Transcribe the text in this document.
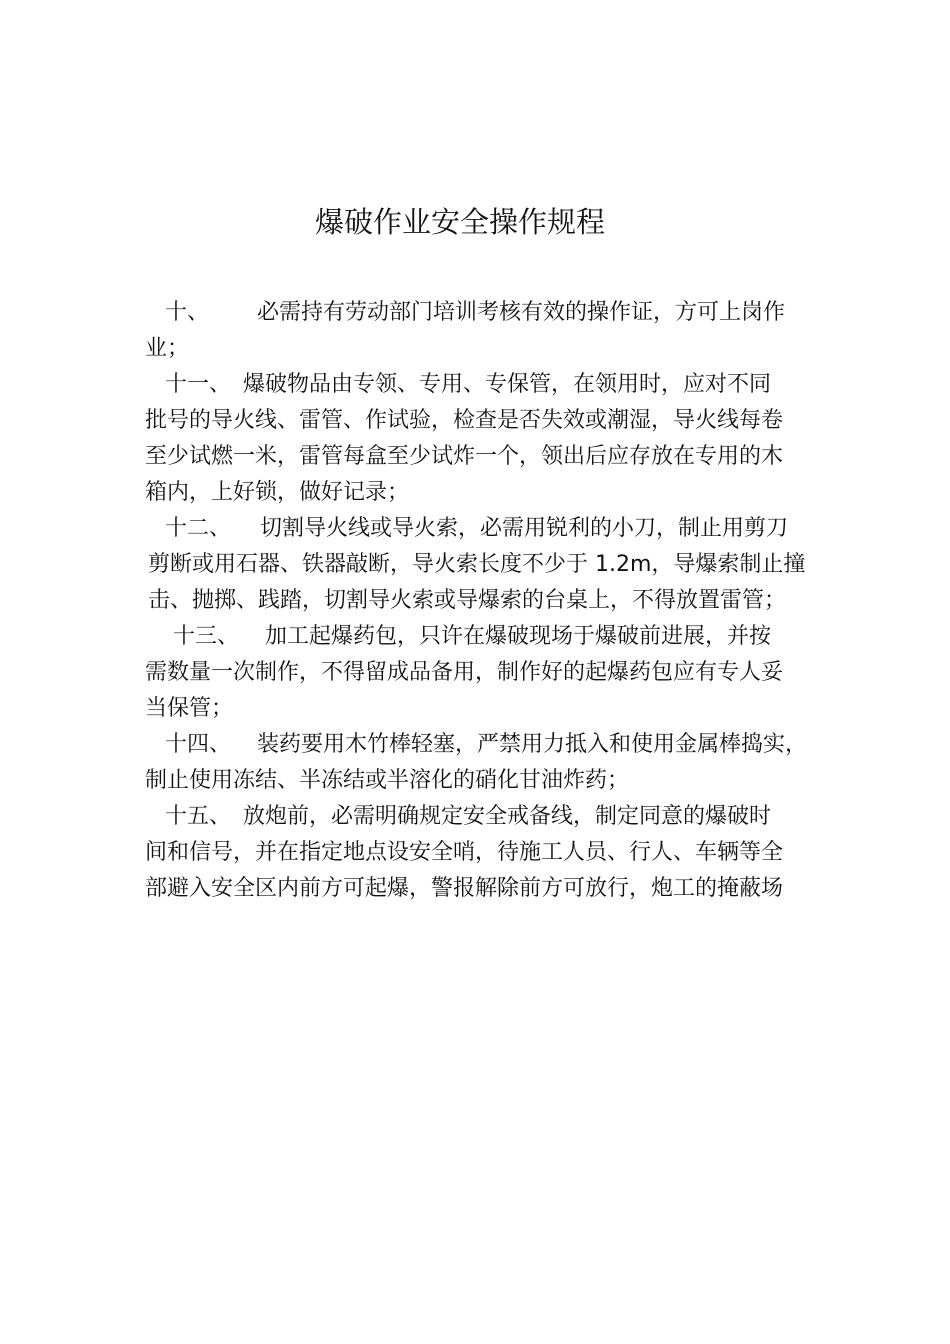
爆破作业安全操作规程
十、 必需持有劳动部门培训考核有效的操作证，方可上岗作
业；
十一、 爆破物品由专领、专用、专保管，在领用时，应对不同
批号的导火线、雷管、作试验，检查是否失效或潮湿，导火线每卷
至少试燃一米，雷管每盒至少试炸一个，领出后应存放在专用的木
箱内，上好锁，做好记录；
十二、 切割导火线或导火索，必需用锐利的小刀，制止用剪刀
剪断或用石器、铁器敲断，导火索长度不少于 1.2m，导爆索制止撞
击、抛掷、践踏，切割导火索或导爆索的台桌上，不得放置雷管；
十三、 加工起爆药包，只许在爆破现场于爆破前进展，并按
需数量一次制作，不得留成品备用，制作好的起爆药包应有专人妥
当保管；
十四、 装药要用木竹棒轻塞，严禁用力抵入和使用金属棒捣实，
制止使用冻结、半冻结或半溶化的硝化甘油炸药；
十五、 放炮前，必需明确规定安全戒备线，制定同意的爆破时
间和信号，并在指定地点设安全哨，待施工人员、行人、车辆等全
部避入安全区内前方可起爆，警报解除前方可放行，炮工的掩蔽场
